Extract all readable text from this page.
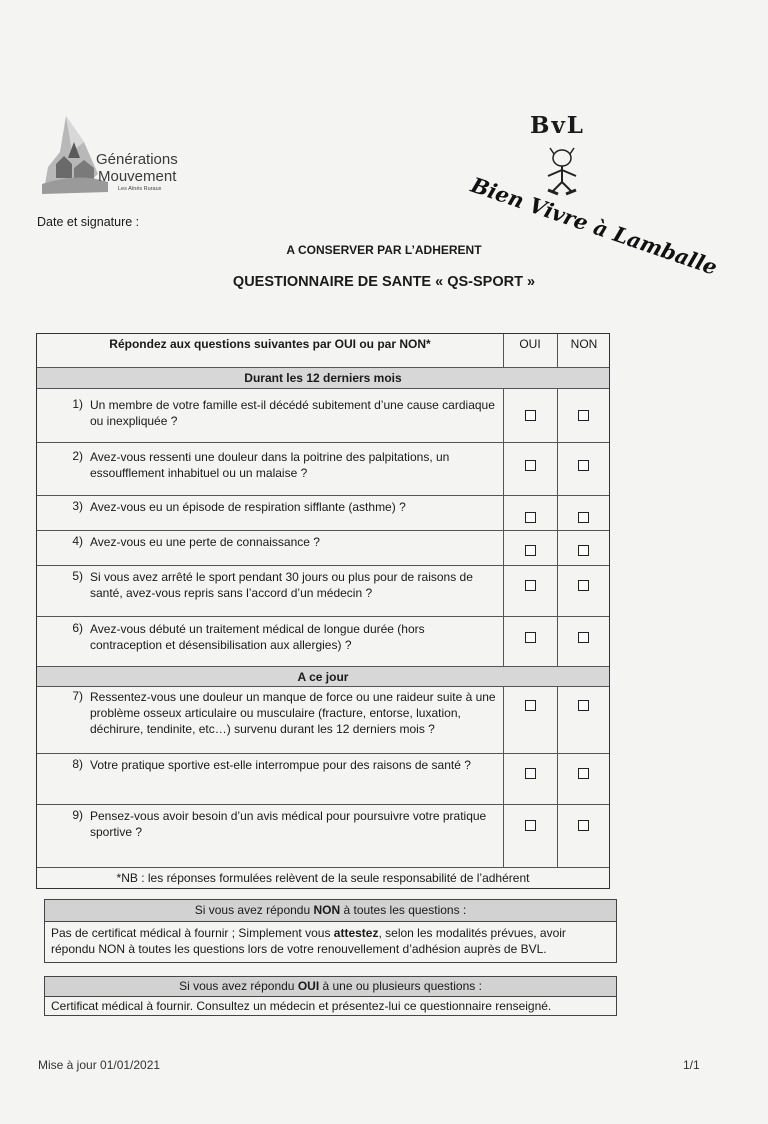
Générations
Mouvement
Les Aînés Ruraux
BvL
Bien Vivre à Lamballe
Date et signature :
A CONSERVER PAR L’ADHERENT
QUESTIONNAIRE DE SANTE « QS-SPORT »
Répondez aux questions suivantes par OUI ou par NON*	OUI	NON
Durant les 12 derniers mois
1) Un membre de votre famille est-il décédé subitement d’une cause cardiaque ou inexpliquée ?
2) Avez-vous ressenti une douleur dans la poitrine des palpitations, un essoufflement inhabituel ou un malaise ?
3) Avez-vous eu un épisode de respiration sifflante (asthme) ?
4) Avez-vous eu une perte de connaissance ?
5) Si vous avez arrêté le sport pendant 30 jours ou plus pour de raisons de santé, avez-vous repris sans l’accord d’un médecin ?
6) Avez-vous débuté un traitement médical de longue durée (hors contraception et désensibilisation aux allergies) ?
A ce jour
7) Ressentez-vous une douleur un manque de force ou une raideur suite à une problème osseux articulaire ou musculaire (fracture, entorse, luxation, déchirure, tendinite, etc…) survenu durant les 12 derniers mois ?
8) Votre pratique sportive est-elle interrompue pour des raisons de santé ?
9) Pensez-vous avoir besoin d’un avis médical pour poursuivre votre pratique sportive ?
*NB : les réponses formulées relèvent de la seule responsabilité de l’adhérent
Si vous avez répondu NON à toutes les questions :
Pas de certificat médical à fournir ; Simplement vous attestez, selon les modalités prévues, avoir répondu NON à toutes les questions lors de votre renouvellement d’adhésion auprès de BVL.
Si vous avez répondu OUI à une ou plusieurs questions :
Certificat médical à fournir. Consultez un médecin et présentez-lui ce questionnaire renseigné.
Mise à jour 01/01/2021	1/1
